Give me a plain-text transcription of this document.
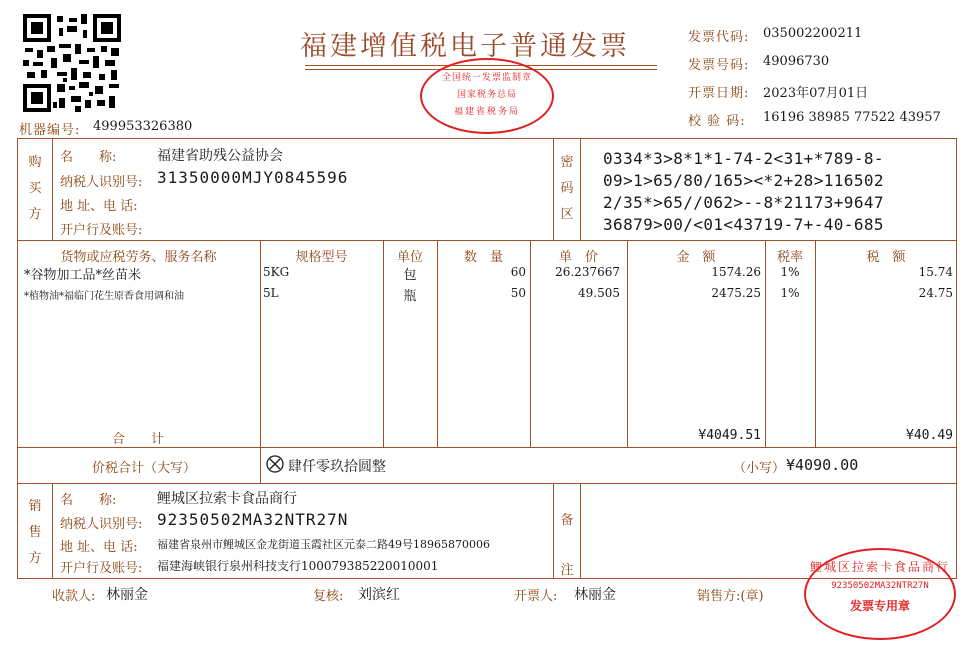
机器编号: 499953326380
福建增值税电子普通发票
全国统一发票监制章
国家税务总局
福建省税务局
发票代码: 035002200211
发票号码: 49096730
开票日期: 2023年07月01日
校 验 码: 16196 38985 77522 43957
购
买
方
名　　称:	福建省助残公益协会
纳税人识别号: 31350000MJY0845596
地 址、电 话:
开户行及账号:
密
码
区
0334*3>8*1*1-74-2<31+*789-8-
09>1>65/80/165><*2+28>116502
2/35*>65//062>--8*21173+9647
36879>00/<01<43719-7+-40-685
货物或应税劳务、服务名称	规格型号	单位	数　量	单　价	金　额	税率	税　额
*谷物加工品*丝苗米	5KG	包	60	26.237667	1574.26	1%	15.74
*植物油*福临门花生原香食用调和油	5L	瓶	50	49.505	2475.25	1%	24.75
合　　计	¥4049.51	¥40.49
价税合计（大写）	肆仟零玖拾圆整	（小写） ¥4090.00
销
售
方
名　　称:	鲤城区拉索卡食品商行
纳税人识别号: 92350502MA32NTR27N
地 址、电 话: 福建省泉州市鲤城区金龙街道玉霞社区元泰二路49号18965870006
开户行及账号: 福建海峡银行泉州科技支行100079385220010001
备
注
收款人: 林丽金	复核: 刘滨红	开票人: 林丽金	销售方:(章)
鲤城区拉索卡食品商行
92350502MA32NTR27N
发票专用章
